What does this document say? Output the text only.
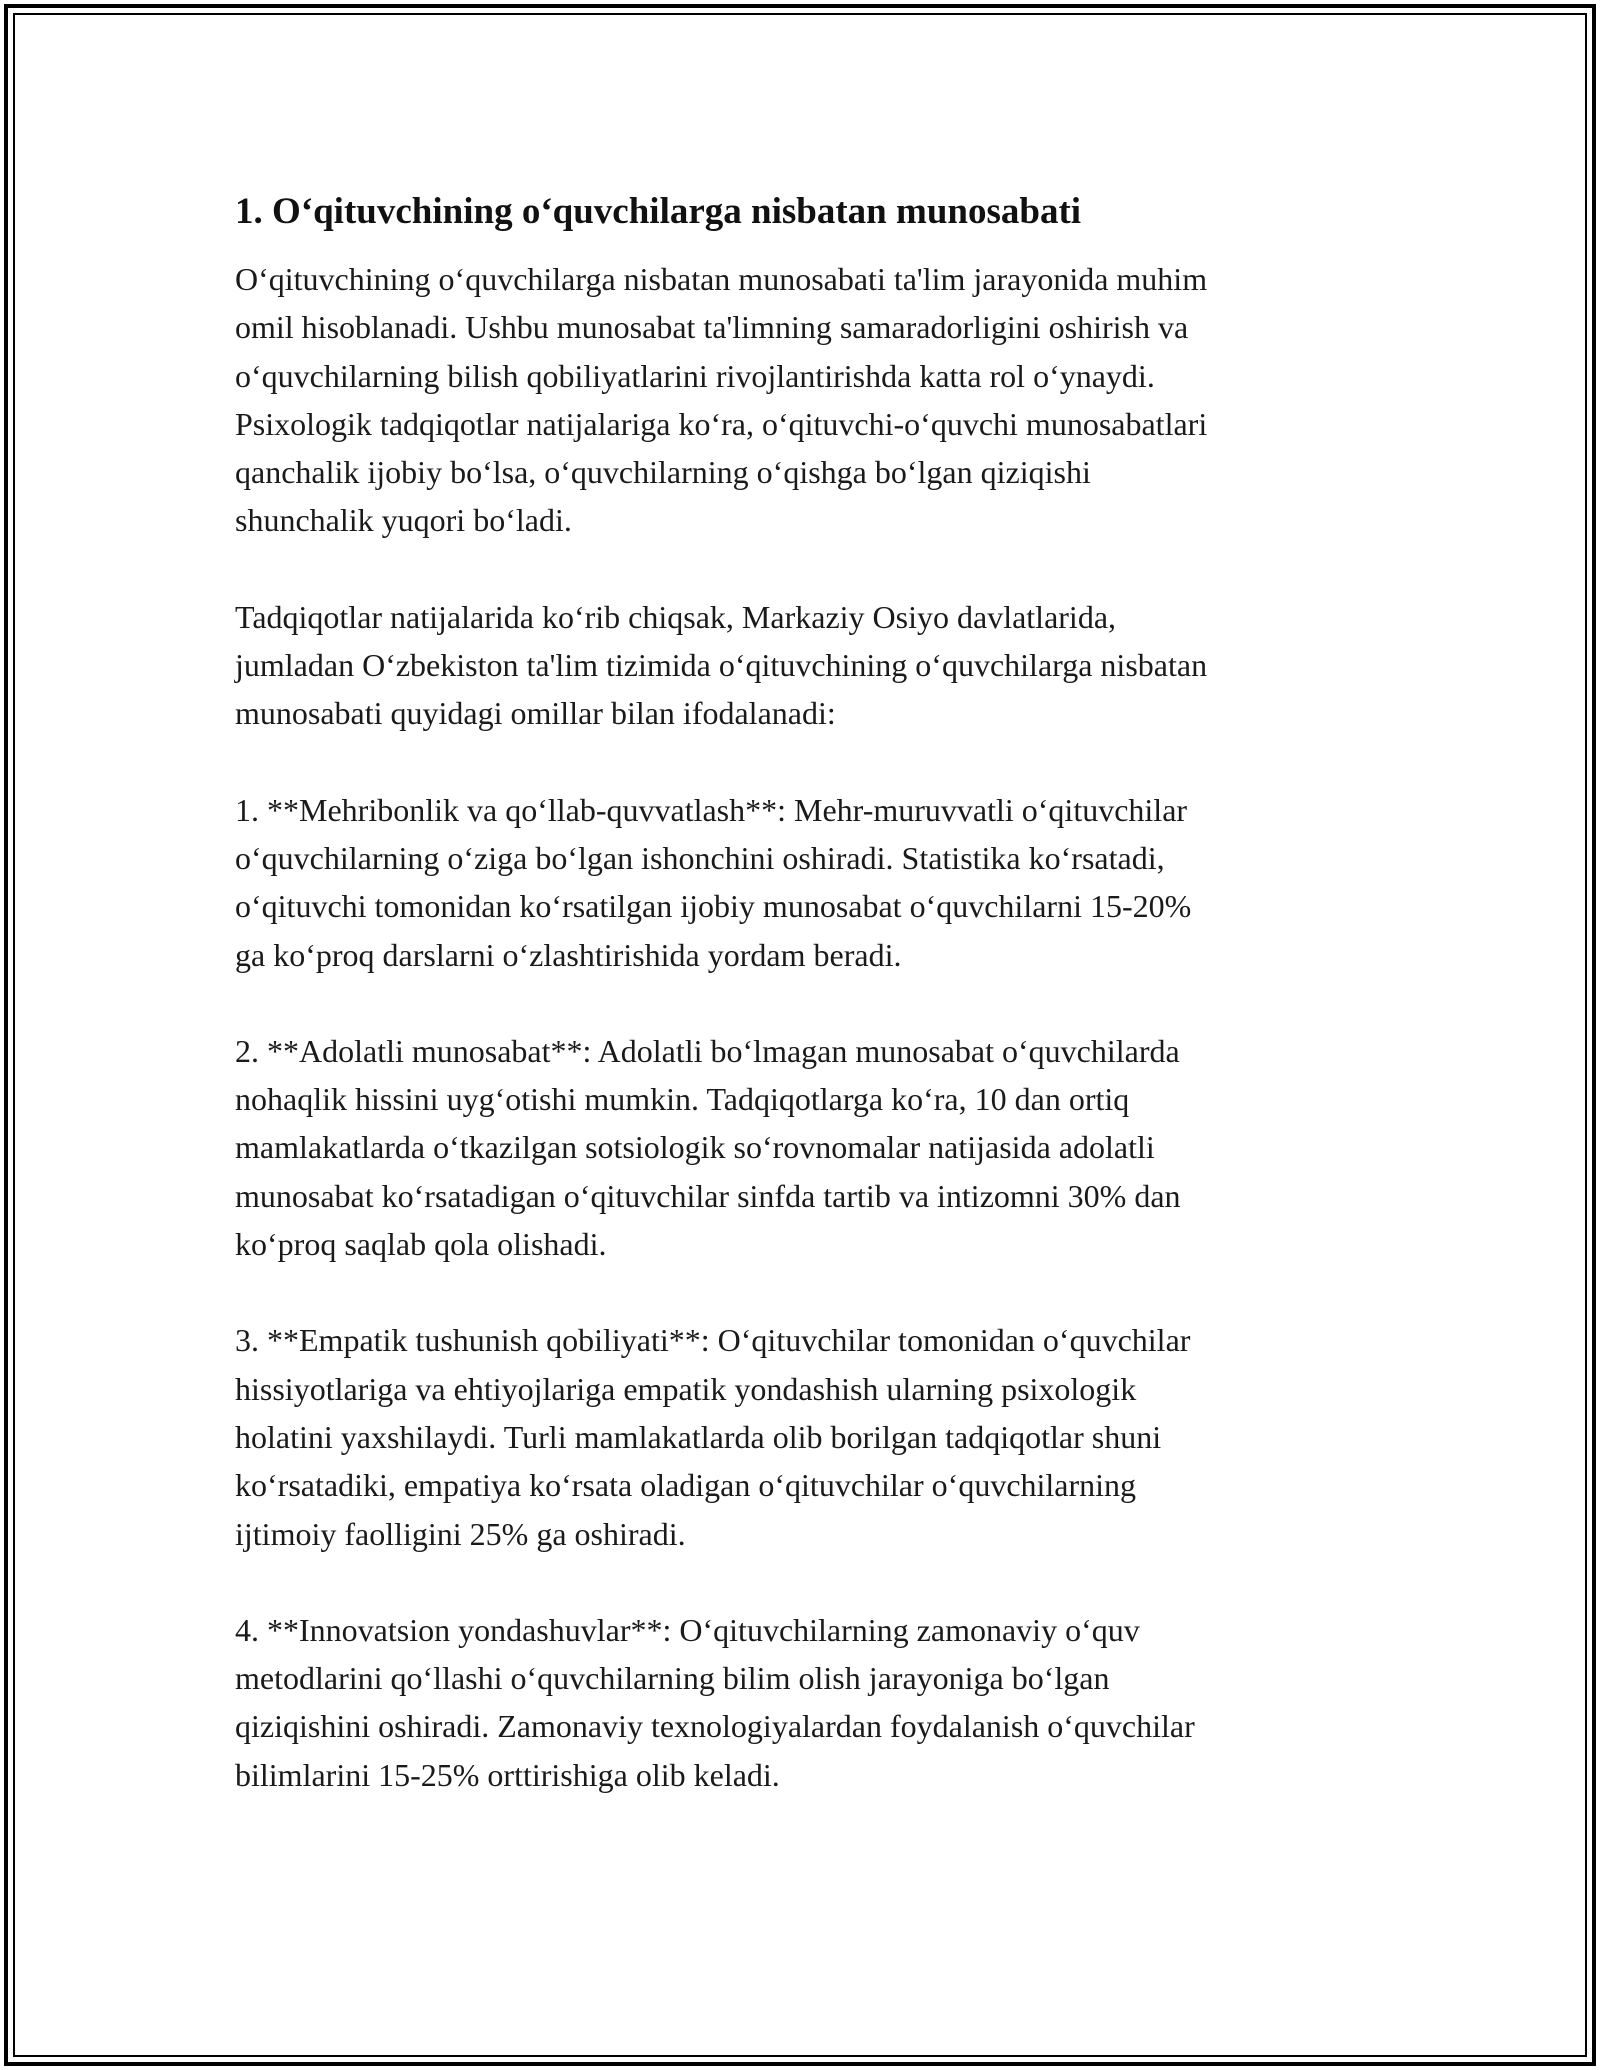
1. O‘qituvchining o‘quvchilarga nisbatan munosabati

O‘qituvchining o‘quvchilarga nisbatan munosabati ta'lim jarayonida muhim
omil hisoblanadi. Ushbu munosabat ta'limning samaradorligini oshirish va
o‘quvchilarning bilish qobiliyatlarini rivojlantirishda katta rol o‘ynaydi.
Psixologik tadqiqotlar natijalariga ko‘ra, o‘qituvchi-o‘quvchi munosabatlari
qanchalik ijobiy bo‘lsa, o‘quvchilarning o‘qishga bo‘lgan qiziqishi
shunchalik yuqori bo‘ladi.

Tadqiqotlar natijalarida ko‘rib chiqsak, Markaziy Osiyo davlatlarida,
jumladan O‘zbekiston ta'lim tizimida o‘qituvchining o‘quvchilarga nisbatan
munosabati quyidagi omillar bilan ifodalanadi:

1. **Mehribonlik va qo‘llab-quvvatlash**: Mehr-muruvvatli o‘qituvchilar
o‘quvchilarning o‘ziga bo‘lgan ishonchini oshiradi. Statistika ko‘rsatadi,
o‘qituvchi tomonidan ko‘rsatilgan ijobiy munosabat o‘quvchilarni 15-20%
ga ko‘proq darslarni o‘zlashtirishida yordam beradi.

2. **Adolatli munosabat**: Adolatli bo‘lmagan munosabat o‘quvchilarda
nohaqlik hissini uyg‘otishi mumkin. Tadqiqotlarga ko‘ra, 10 dan ortiq
mamlakatlarda o‘tkazilgan sotsiologik so‘rovnomalar natijasida adolatli
munosabat ko‘rsatadigan o‘qituvchilar sinfda tartib va intizomni 30% dan
ko‘proq saqlab qola olishadi.

3. **Empatik tushunish qobiliyati**: O‘qituvchilar tomonidan o‘quvchilar
hissiyotlariga va ehtiyojlariga empatik yondashish ularning psixologik
holatini yaxshilaydi. Turli mamlakatlarda olib borilgan tadqiqotlar shuni
ko‘rsatadiki, empatiya ko‘rsata oladigan o‘qituvchilar o‘quvchilarning
ijtimoiy faolligini 25% ga oshiradi.

4. **Innovatsion yondashuvlar**: O‘qituvchilarning zamonaviy o‘quv
metodlarini qo‘llashi o‘quvchilarning bilim olish jarayoniga bo‘lgan
qiziqishini oshiradi. Zamonaviy texnologiyalardan foydalanish o‘quvchilar
bilimlarini 15-25% orttirishiga olib keladi.
